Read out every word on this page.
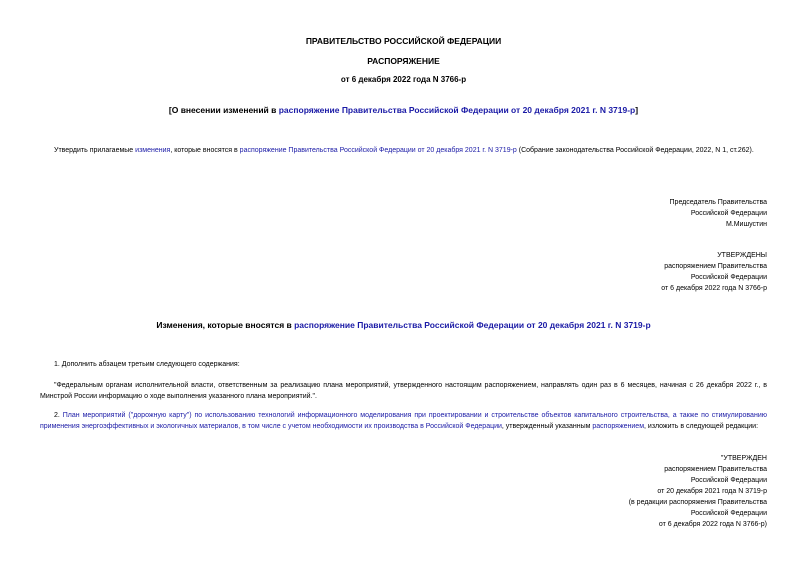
ПРАВИТЕЛЬСТВО РОССИЙСКОЙ ФЕДЕРАЦИИ
РАСПОРЯЖЕНИЕ
от 6 декабря 2022 года N 3766-р
[О внесении изменений в распоряжение Правительства Российской Федерации от 20 декабря 2021 г. N 3719-р]
Утвердить прилагаемые изменения, которые вносятся в распоряжение Правительства Российской Федерации от 20 декабря 2021 г. N 3719-р (Собрание законодательства Российской Федерации, 2022, N 1, ст.262).
Председатель Правительства
Российской Федерации
М.Мишустин
УТВЕРЖДЕНЫ
распоряжением Правительства
Российской Федерации
от 6 декабря 2022 года N 3766-р
Изменения, которые вносятся в распоряжение Правительства Российской Федерации от 20 декабря 2021 г. N 3719-р
1. Дополнить абзацем третьим следующего содержания:
"Федеральным органам исполнительной власти, ответственным за реализацию плана мероприятий, утвержденного настоящим распоряжением, направлять один раз в 6 месяцев, начиная с 26 декабря 2022 г., в Минстрой России информацию о ходе выполнения указанного плана мероприятий.".
2. План мероприятий ("дорожную карту") по использованию технологий информационного моделирования при проектировании и строительстве объектов капитального строительства, а также по стимулированию применения энергоэффективных и экологичных материалов, в том числе с учетом необходимости их производства в Российской Федерации, утвержденный указанным распоряжением, изложить в следующей редакции:
"УТВЕРЖДЕН
распоряжением Правительства
Российской Федерации
от 20 декабря 2021 года N 3719-р
(в редакции распоряжения Правительства
Российской Федерации
от 6 декабря 2022 года N 3766-р)
